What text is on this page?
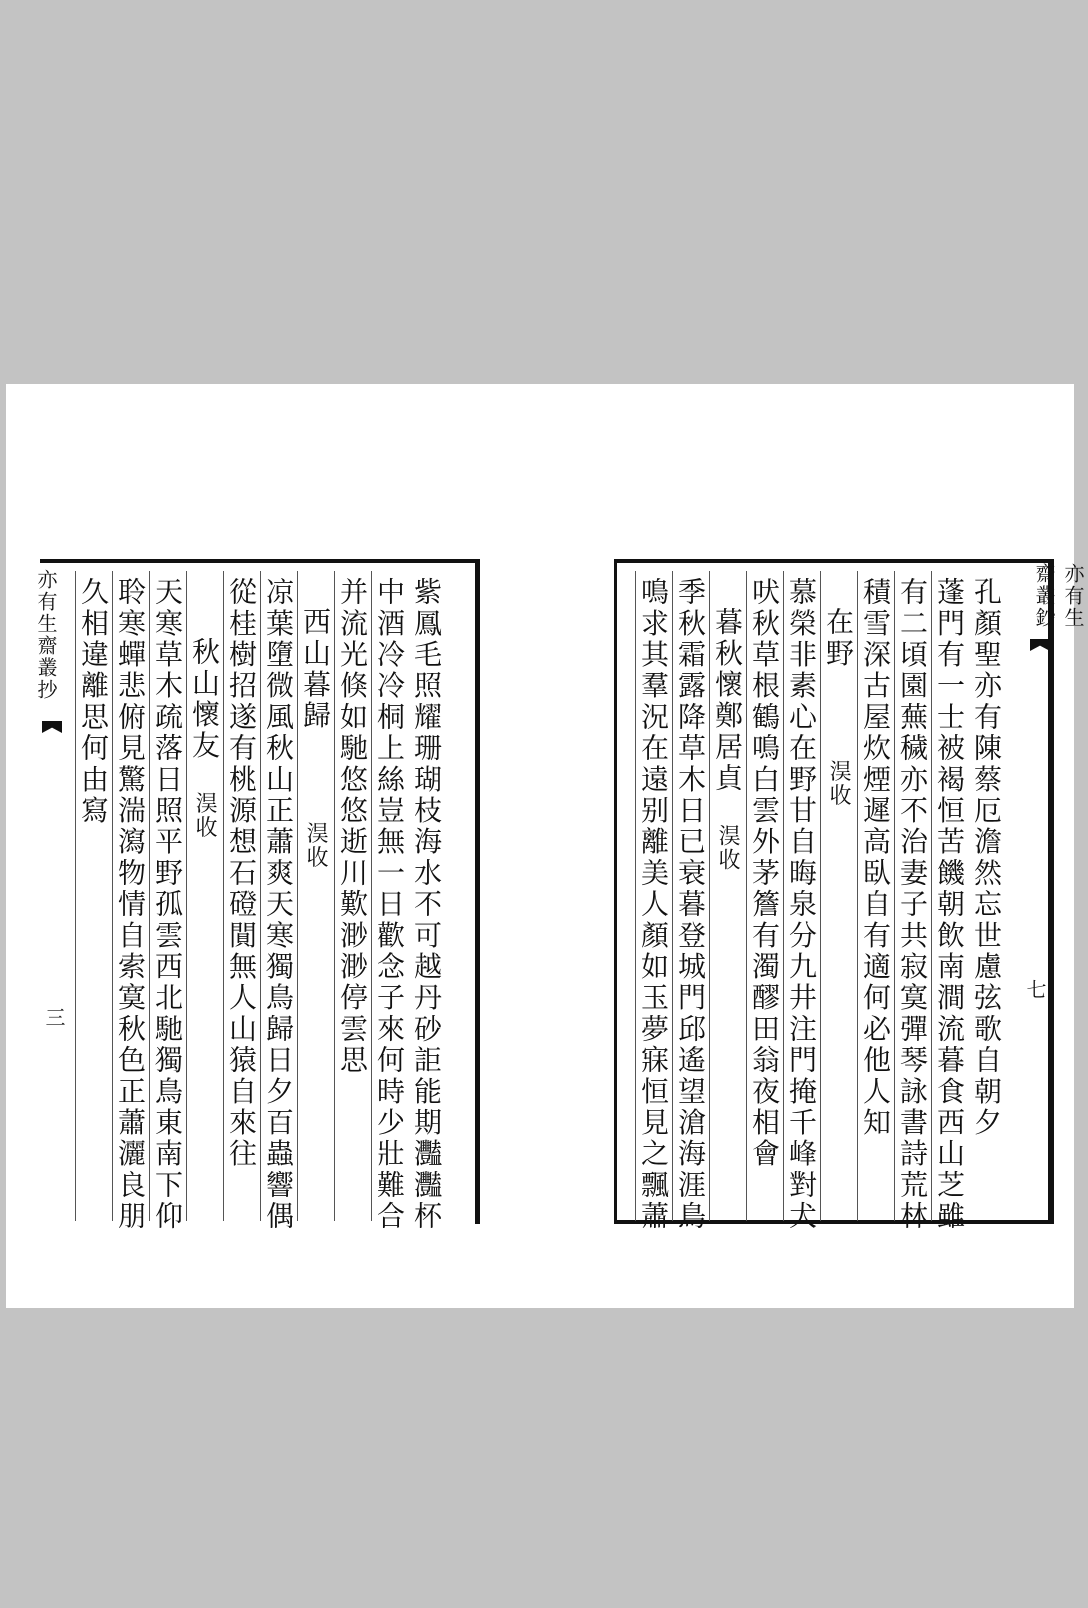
亦有生齋叢抄
三	紫鳳毛照耀珊瑚枝海水不可越丹砂詎能期灩灩杯
中酒冷冷桐上絲豈無一日歡念子來何時少壯難合
并流光倏如馳悠悠逝川歎渺渺停雲思
西山暮歸淏收
凉葉墮微風秋山正蕭爽天寒獨鳥歸日夕百蟲響偶
從桂樹招遂有桃源想石磴閴無人山猿自來往
秋山懷友淏收
天寒草木疏落日照平野孤雲西北馳獨鳥東南下仰
聆寒蟬悲俯見驚湍瀉物情自索寞秋色正蕭灑良朋
久相違離思何由寫	亦有生齋叢鈔
七
孔顏聖亦有陳蔡厄澹然忘世慮弦歌自朝夕
蓬門有一士被褐恒苦饑朝飲南澗流暮食西山芝雖
有二頃園蕪穢亦不治妻子共寂寞彈琴詠書詩荒林
積雪深古屋炊煙遲高臥自有適何必他人知
在野淏收
慕榮非素心在野甘自晦泉分九井注門掩千峰對犬
吠秋草根鶴鳴白雲外茅簷有濁醪田翁夜相會
暮秋懷鄭居貞淏收
季秋霜露降草木日已衰暮登城門邱遙望滄海涯鳥
鳴求其羣況在遠别離美人顏如玉夢寐恒見之飄蕭
